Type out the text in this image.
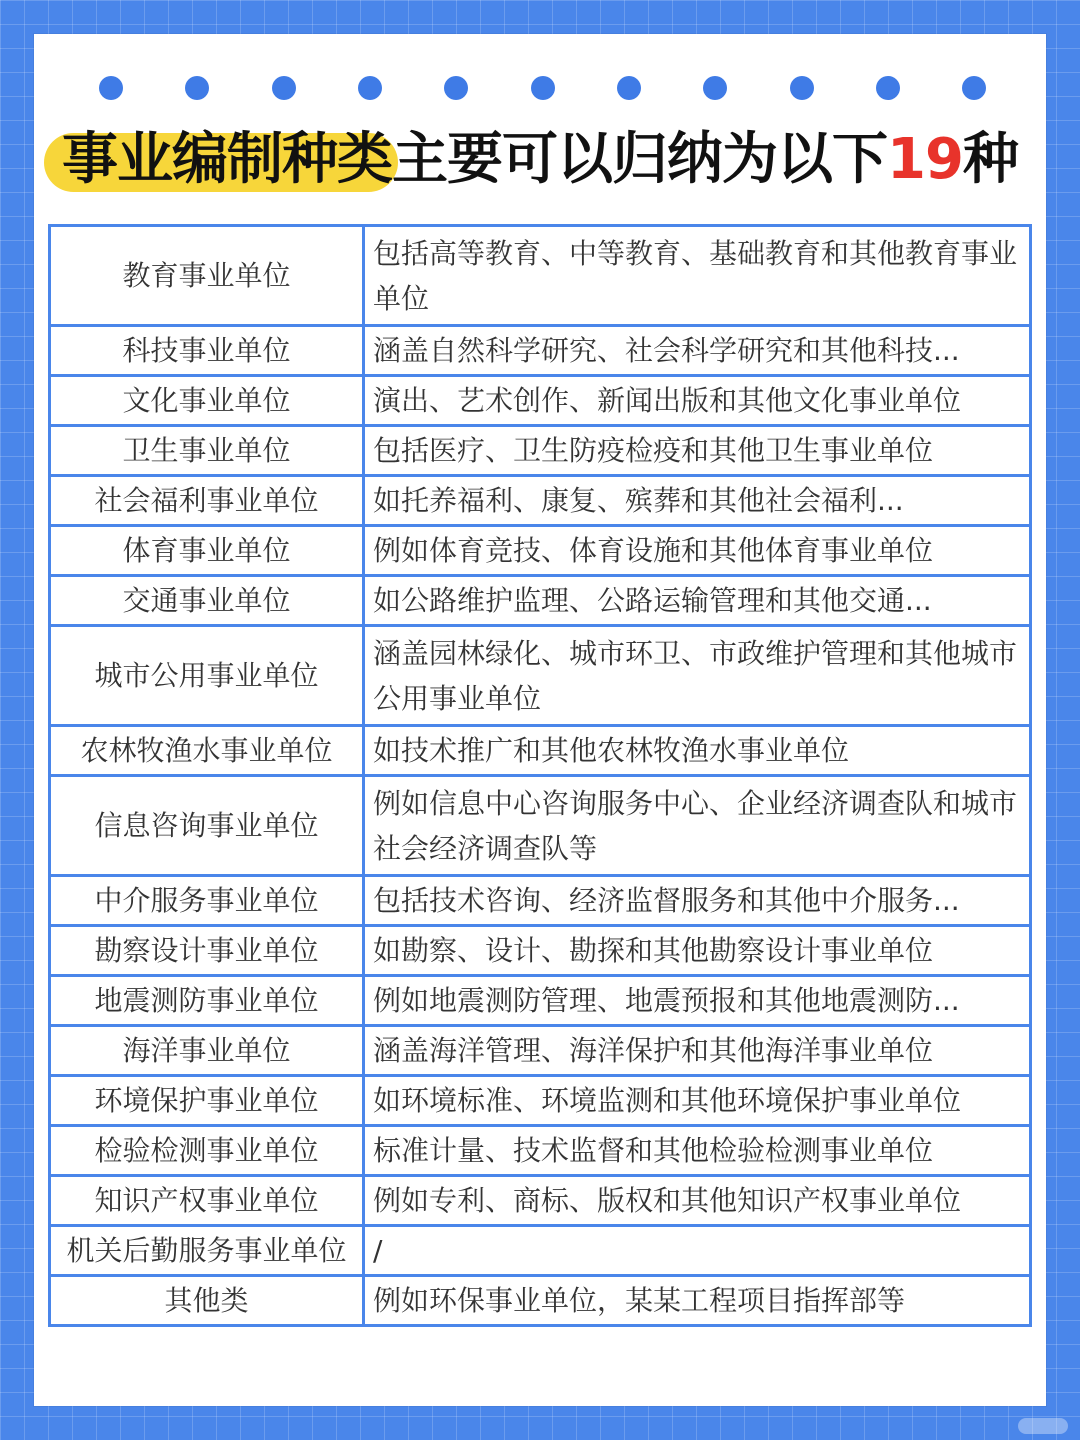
事业编制种类主要可以归纳为以下19种
教育事业单位	包括高等教育、中等教育、基础教育和其他教育事业单位
科技事业单位	涵盖自然科学研究、社会科学研究和其他科技...
文化事业单位	演出、艺术创作、新闻出版和其他文化事业单位
卫生事业单位	包括医疗、卫生防疫检疫和其他卫生事业单位
社会福利事业单位	如托养福利、康复、殡葬和其他社会福利...
体育事业单位	例如体育竞技、体育设施和其他体育事业单位
交通事业单位	如公路维护监理、公路运输管理和其他交通...
城市公用事业单位	涵盖园林绿化、城市环卫、市政维护管理和其他城市公用事业单位
农林牧渔水事业单位	如技术推广和其他农林牧渔水事业单位
信息咨询事业单位	例如信息中心咨询服务中心、企业经济调查队和城市社会经济调查队等
中介服务事业单位	包括技术咨询、经济监督服务和其他中介服务...
勘察设计事业单位	如勘察、设计、勘探和其他勘察设计事业单位
地震测防事业单位	例如地震测防管理、地震预报和其他地震测防...
海洋事业单位	涵盖海洋管理、海洋保护和其他海洋事业单位
环境保护事业单位	如环境标准、环境监测和其他环境保护事业单位
检验检测事业单位	标准计量、技术监督和其他检验检测事业单位
知识产权事业单位	例如专利、商标、版权和其他知识产权事业单位
机关后勤服务事业单位	/
其他类	例如环保事业单位，某某工程项目指挥部等
